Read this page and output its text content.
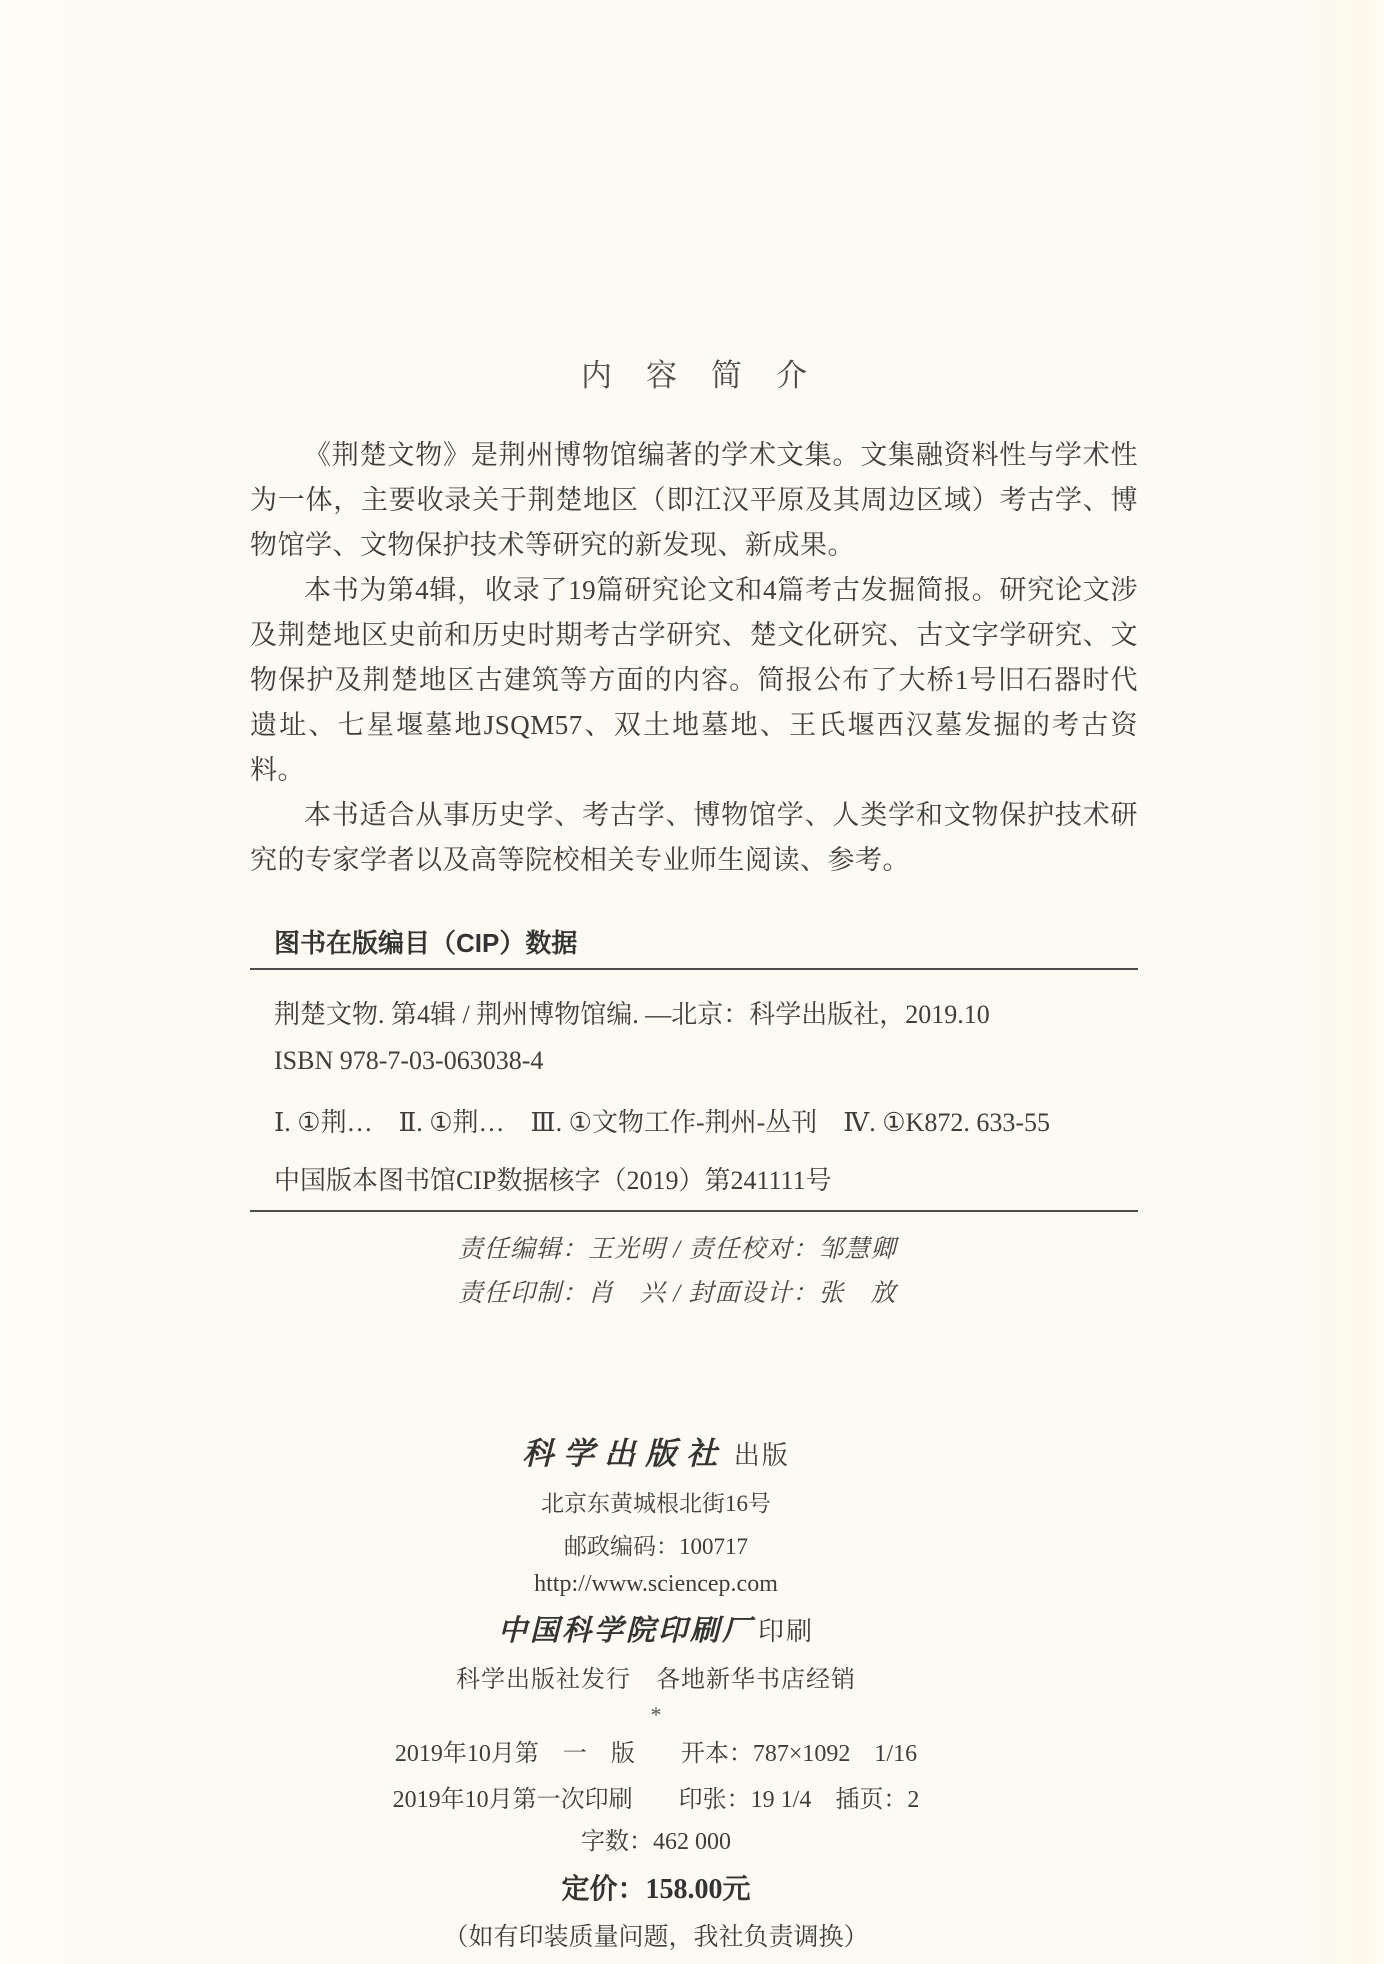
内容简介

《荆楚文物》是荆州博物馆编著的学术文集。文集融资料性与学术性为一体，主要收录关于荆楚地区（即江汉平原及其周边区域）考古学、博物馆学、文物保护技术等研究的新发现、新成果。

本书为第4辑，收录了19篇研究论文和4篇考古发掘简报。研究论文涉及荆楚地区史前和历史时期考古学研究、楚文化研究、古文字学研究、文物保护及荆楚地区古建筑等方面的内容。简报公布了大桥1号旧石器时代遗址、七星堰墓地JSQM57、双土地墓地、王氏堰西汉墓发掘的考古资料。

本书适合从事历史学、考古学、博物馆学、人类学和文物保护技术研究的专家学者以及高等院校相关专业师生阅读、参考。

图书在版编目（CIP）数据
荆楚文物. 第4辑 / 荆州博物馆编. —北京：科学出版社，2019.10
ISBN 978-7-03-063038-4
Ⅰ. ①荆…　Ⅱ. ①荆…　Ⅲ. ①文物工作-荆州-丛刊　Ⅳ. ①K872. 633-55
中国版本图书馆CIP数据核字（2019）第241111号
责任编辑：王光明 / 责任校对：邹慧卿
责任印制：肖　兴 / 封面设计：张　放
科学出版社 出版
北京东黄城根北街16号
邮政编码：100717
http://www.sciencep.com
中国科学院印刷厂 印刷
科学出版社发行　各地新华书店经销
*
2019年10月第　一　版 开本：787×1092　1/16
2019年10月第一次印刷 印张：19 1/4　插页：2
字数：462 000
定价：158.00元
（如有印装质量问题，我社负责调换）
